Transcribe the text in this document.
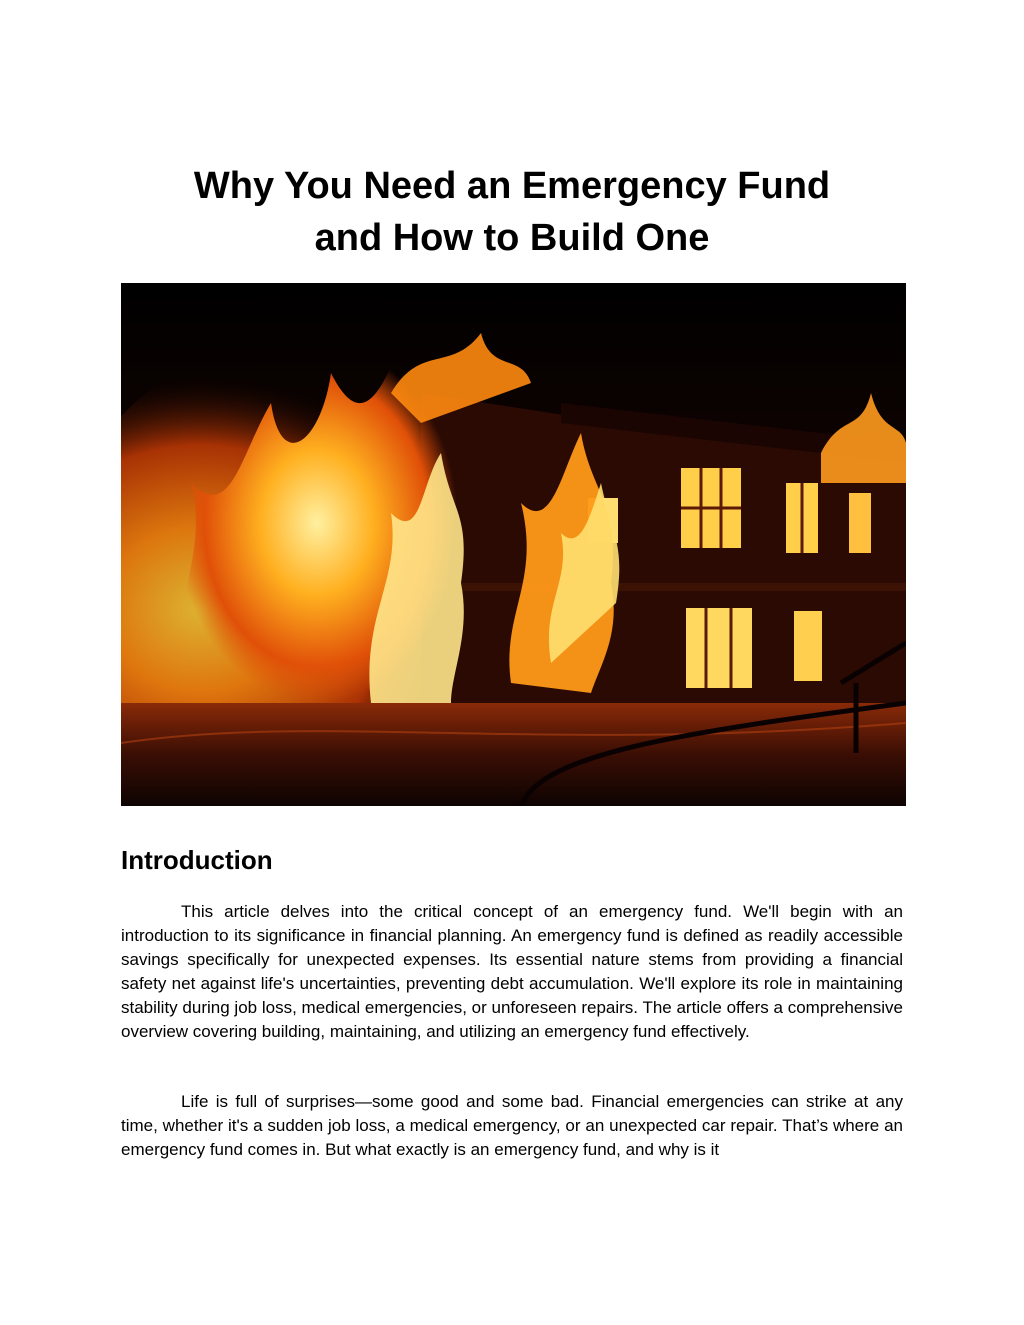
Why You Need an Emergency Fund
and How to Build One
Introduction

This article delves into the critical concept of an emergency fund. We'll begin with an introduction to its significance in financial planning. An emergency fund is defined as readily accessible savings specifically for unexpected expenses. Its essential nature stems from providing a financial safety net against life's uncertainties, preventing debt accumulation. We'll explore its role in maintaining stability during job loss, medical emergencies, or unforeseen repairs. The article offers a comprehensive overview covering building, maintaining, and utilizing an emergency fund effectively.

Life is full of surprises—some good and some bad. Financial emergencies can strike at any time, whether it's a sudden job loss, a medical emergency, or an unexpected car repair. That’s where an emergency fund comes in. But what exactly is an emergency fund, and why is it
